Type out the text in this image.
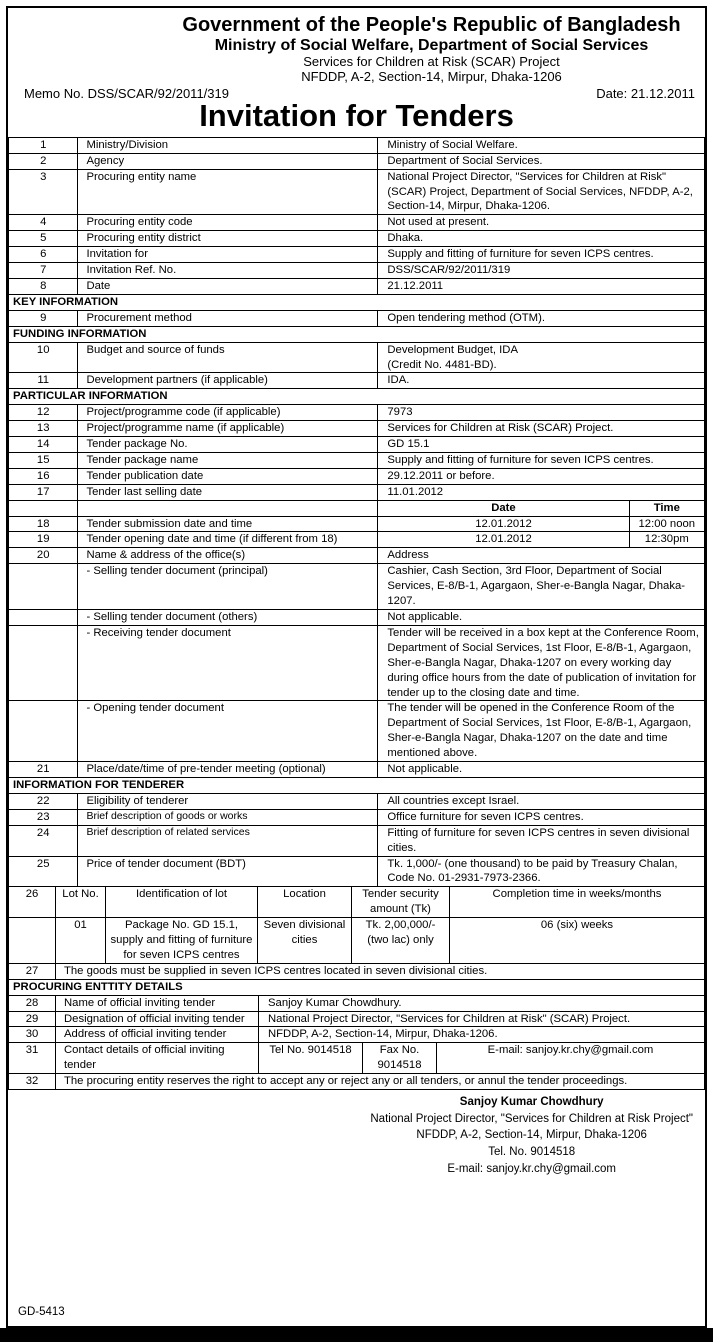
Government of the People's Republic of Bangladesh
Ministry of Social Welfare, Department of Social Services
Services for Children at Risk (SCAR) Project
NFDDP, A-2, Section-14, Mirpur, Dhaka-1206
Memo No. DSS/SCAR/92/2011/319	Date: 21.12.2011
Invitation for Tenders
1	Ministry/Division	Ministry of Social Welfare.	
2	Agency	Department of Social Services.	
3	Procuring entity name	National Project Director, "Services for Children at Risk" (SCAR) Project, Department of Social Services, NFDDP, A-2, Section-14, Mirpur, Dhaka-1206.	
4	Procuring entity code	Not used at present.	
5	Procuring entity district	Dhaka.	
6	Invitation for	Supply and fitting of furniture for seven ICPS centres.	
7	Invitation Ref. No.	DSS/SCAR/92/2011/319	
8	Date	21.12.2011	
KEY INFORMATION			
9	Procurement method	Open tendering method (OTM).	
FUNDING INFORMATION			
10	Budget and source of funds	Development Budget, IDA
(Credit No. 4481-BD).	

11	Development partners (if applicable)	IDA.	
PARTICULAR INFORMATION			
12	Project/programme code (if applicable)	7973	
13	Project/programme name (if applicable)	Services for Children at Risk (SCAR) Project.	
14	Tender package No.	GD 15.1	
15	Tender package name	Supply and fitting of furniture for seven ICPS centres.	
16	Tender publication date	29.12.2011 or before.	
17	Tender last selling date	11.01.2012	
		Date	Time
18	Tender submission date and time	12.01.2012	12:00 noon
19	Tender opening date and time (if different from 18)	12.01.2012	12:30pm
20	Name & address of the office(s)	Address	
	- Selling tender document (principal)	Cashier, Cash Section, 3rd Floor, Department of Social Services, E-8/B-1, Agargaon, Sher-e-Bangla Nagar, Dhaka-1207.	
	- Selling tender document (others)	Not applicable.	
	- Receiving tender document	Tender will be received in a box kept at the Conference Room, Department of Social Services, 1st Floor, E-8/B-1, Agargaon, Sher-e-Bangla Nagar, Dhaka-1207 on every working day during office hours from the date of publication of invitation for tender up to the closing date and time.	
	- Opening tender document	The tender will be opened in the Conference Room of the Department of Social Services, 1st Floor, E-8/B-1, Agargaon, Sher-e-Bangla Nagar, Dhaka-1207 on the date and time mentioned above.	
21	Place/date/time of pre-tender meeting (optional)	Not applicable.	
INFORMATION FOR TENDERER			
22	Eligibility of tenderer	All countries except Israel.	
23	Brief description of goods or works	Office furniture for seven ICPS centres.	
24	Brief description of related services	Fitting of furniture for seven ICPS centres in seven divisional cities.	
25	Price of tender document (BDT)	Tk. 1,000/- (one thousand) to be paid by Treasury Chalan, Code No. 01-2931-7973-2366.	
26	Lot No.	Identification of lot	Location	Tender security amount (Tk)	Completion time in weeks/months
	01	Package No. GD 15.1, supply and fitting of furniture for seven ICPS centres	Seven divisional cities	Tk. 2,00,000/- (two lac) only	06 (six) weeks
27	The goods must be supplied in seven ICPS centres located in seven divisional cities.			
PROCURING ENTTITY DETAILS				
28	Name of official inviting tender	Sanjoy Kumar Chowdhury.		
29	Designation of official inviting tender	National Project Director, "Services for Children at Risk" (SCAR) Project.		
30	Address of official inviting tender	NFDDP, A-2, Section-14, Mirpur, Dhaka-1206.		
31	Contact details of official inviting tender	Tel No. 9014518	Fax No. 9014518	E-mail: sanjoy.kr.chy@gmail.com
32	The procuring entity reserves the right to accept any or reject any or all tenders, or annul the tender proceedings.			
Sanjoy Kumar Chowdhury
National Project Director, "Services for Children at Risk Project"
NFDDP, A-2, Section-14, Mirpur, Dhaka-1206
Tel. No. 9014518
E-mail: sanjoy.kr.chy@gmail.com
GD-5413
